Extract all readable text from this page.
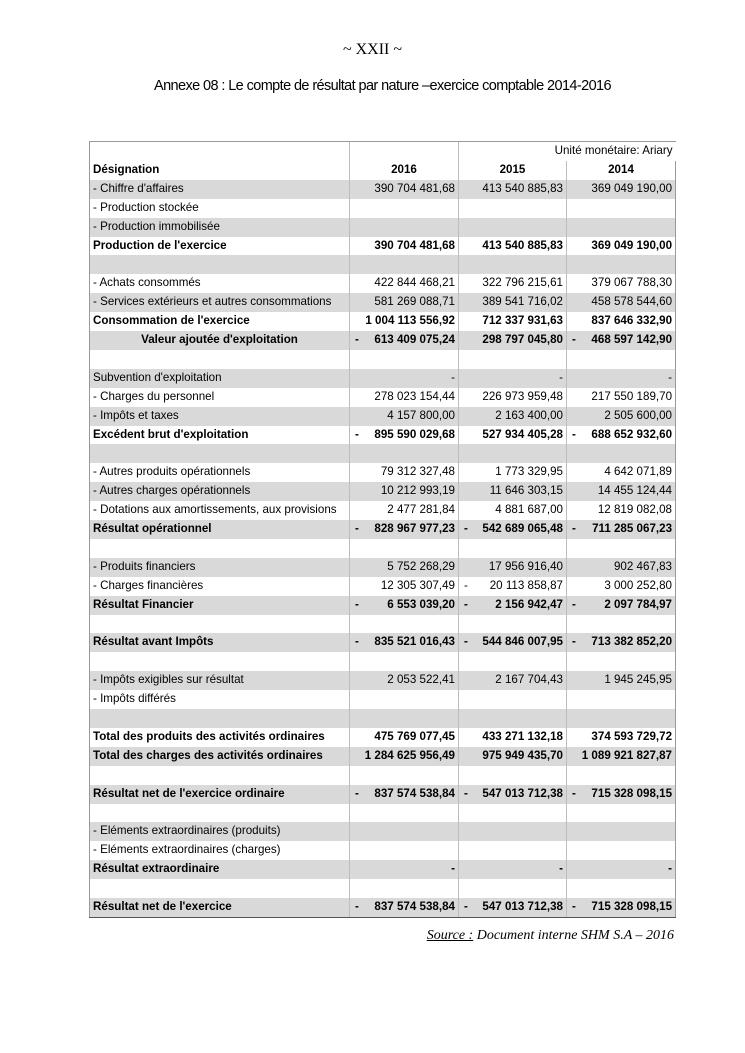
~ XXII ~
Annexe 08 : Le compte de résultat par nature –exercice comptable 2014-2016
		Unité monétaire: Ariary	
Désignation	2016	2015	2014
- Chiffre d'affaires	390 704 481,68	413 540 885,83	369 049 190,00
- Production stockée	

- Production immobilisée	

Production de l'exercice	390 704 481,68	413 540 885,83	369 049 190,00

- Achats consommés	422 844 468,21	322 796 215,61	379 067 788,30
- Services extérieurs et autres consommations	581 269 088,71	389 541 716,02	458 578 544,60
Consommation de l'exercice	1 004 113 556,92	712 337 931,63	837 646 332,90
Valeur ajoutée d'exploitation	- 613 409 075,24	298 797 045,80	- 468 597 142,90

Subvention d'exploitation	-	-	-
- Charges du personnel	278 023 154,44	226 973 959,48	217 550 189,70
- Impôts et taxes	4 157 800,00	2 163 400,00	2 505 600,00
Excédent brut d'exploitation	- 895 590 029,68	527 934 405,28	- 688 652 932,60

- Autres produits opérationnels	79 312 327,48	1 773 329,95	4 642 071,89
- Autres charges opérationnels	10 212 993,19	11 646 303,15	14 455 124,44
- Dotations aux amortissements, aux provisions	2 477 281,84	4 881 687,00	12 819 082,08
Résultat opérationnel	- 828 967 977,23	- 542 689 065,48	- 711 285 067,23

- Produits financiers	5 752 268,29	17 956 916,40	902 467,83
- Charges financières	12 305 307,49	- 20 113 858,87	3 000 252,80
Résultat Financier	- 6 553 039,20	- 2 156 942,47	- 2 097 784,97

Résultat avant Impôts	- 835 521 016,43	- 544 846 007,95	- 713 382 852,20

- Impôts exigibles sur résultat	2 053 522,41	2 167 704,43	1 945 245,95
- Impôts différés	

Total des produits des activités ordinaires	475 769 077,45	433 271 132,18	374 593 729,72
Total des charges des activités ordinaires	1 284 625 956,49	975 949 435,70	1 089 921 827,87

Résultat net de l'exercice ordinaire	- 837 574 538,84	- 547 013 712,38	- 715 328 098,15

- Eléments extraordinaires (produits)	

- Eléments extraordinaires (charges)	

Résultat extraordinaire	-	-	-

Résultat net de l'exercice	- 837 574 538,84	- 547 013 712,38	- 715 328 098,15
Source : Document interne SHM S.A – 2016
